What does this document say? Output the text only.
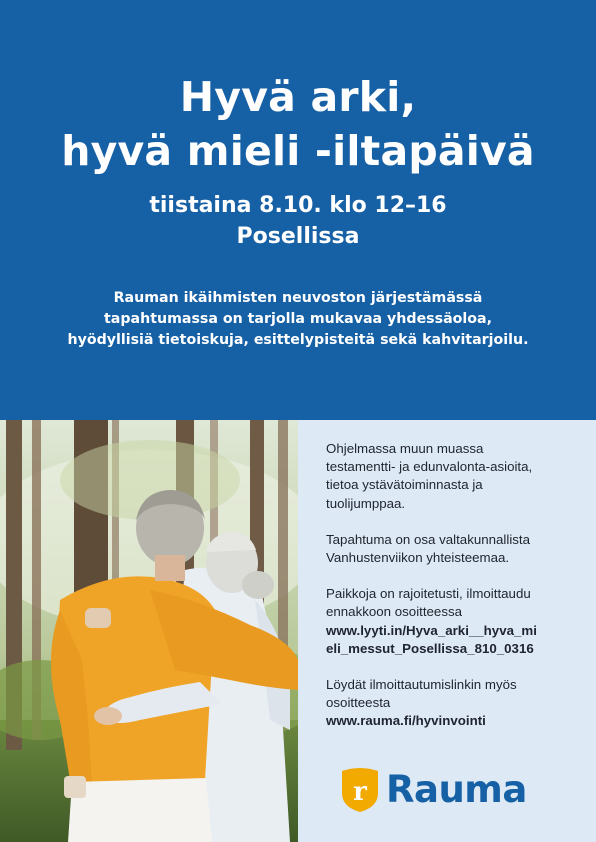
Hyvä arki,
hyvä mieli -iltapäivä
tiistaina 8.10. klo 12–16
Posellissa
Rauman ikäihmisten neuvoston järjestämässä
tapahtumassa on tarjolla mukavaa yhdessäoloa,
hyödyllisiä tietoiskuja, esittelypisteitä sekä kahvitarjoilu.

Ohjelmassa muun muassa
testamentti- ja edunvalonta-asioita,
tietoa ystävätoiminnasta ja
tuolijumppaa.

Tapahtuma on osa valtakunnallista
Vanhustenviikon yhteisteemaa.

Paikkoja on rajoitetusti, ilmoittaudu
ennakkoon osoitteessa
www.lyyti.in/Hyva_arki__hyva_mi
eli_messut_Posellissa_810_0316

Löydät ilmoittautumislinkin myös
osoitteesta
www.rauma.fi/hyvinvointi

r Rauma
